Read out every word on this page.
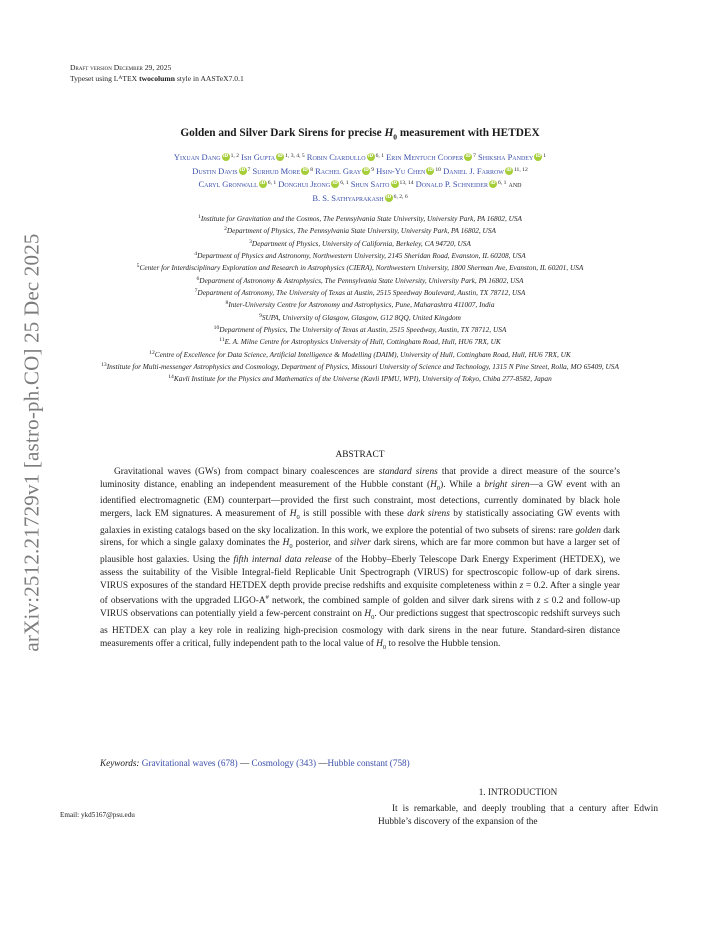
arXiv:2512.21729v1 [astro-ph.CO] 25 Dec 2025
Draft version December 29, 2025
Typeset using $L^ATEX$ twocolumn style in AASTeX7.0.1
Golden and Silver Dark Sirens for precise $H_0$ measurement with HETDEX
Yixuan Dang iD $^{1, 2}$ Ish Gupta iD $^{1, 3, 4, 5}$ Robin Ciardullo iD $^{6, 1}$ Erin Mentuch Cooper iD $^7$ Shiksha Pandey iD $^1$
Dustin Davis iD $^7$ Surhud More iD $^8$ Rachel Gray iD $^9$ Hsin-Yu Chen iD $^{10}$ Daniel J. Farrow iD $^{11, 12}$
Caryl Gronwall iD $^{6, 1}$ Donghui Jeong iD $^{6, 1}$ Shun Saito iD $^{13, 14}$ Donald P. Schneider iD $^{6, 1}$ and
B. S. Sathyaprakash iD $^{6, 2, 6}$
$^1$Institute for Gravitation and the Cosmos, The Pennsylvania State University, University Park, PA 16802, USA
$^2$Department of Physics, The Pennsylvania State University, University Park, PA 16802, USA
$^3$Department of Physics, University of California, Berkeley, CA 94720, USA
$^4$Department of Physics and Astronomy, Northwestern University, 2145 Sheridan Road, Evanston, IL 60208, USA
$^5$Center for Interdisciplinary Exploration and Research in Astrophysics (CIERA), Northwestern University, 1800 Sherman Ave, Evanston, IL 60201, USA
$^6$Department of Astronomy & Astrophysics, The Pennsylvania State University, University Park, PA 16802, USA
$^7$Department of Astronomy, The University of Texas at Austin, 2515 Speedway Boulevard, Austin, TX 78712, USA
$^8$Inter-University Centre for Astronomy and Astrophysics, Pune, Maharashtra 411007, India
$^9$SUPA, University of Glasgow, Glasgow, G12 8QQ, United Kingdom
$^{10}$Department of Physics, The University of Texas at Austin, 2515 Speedway, Austin, TX 78712, USA
$^{11}$E. A. Milne Centre for Astrophysics University of Hull, Cottingham Road, Hull, HU6 7RX, UK
$^{12}$Centre of Excellence for Data Science, Artificial Intelligence & Modelling (DAIM), University of Hull, Cottingham Road, Hull, HU6 7RX, UK
$^{13}$Institute for Multi-messenger Astrophysics and Cosmology, Department of Physics, Missouri University of Science and Technology, 1315 N Pine Street, Rolla, MO 65409, USA
$^{14}$Kavli Institute for the Physics and Mathematics of the Universe (Kavli IPMU, WPI), University of Tokyo, Chiba 277-8582, Japan
ABSTRACT
Gravitational waves (GWs) from compact binary coalescences are standard sirens that provide a direct measure of the source’s luminosity distance, enabling an independent measurement of the Hubble constant $(H_0)$. While a bright siren—a GW event with an identified electromagnetic (EM) counterpart—provided the first such constraint, most detections, currently dominated by black hole mergers, lack EM signatures. A measurement of $H_0$ is still possible with these dark sirens by statistically associating GW events with galaxies in existing catalogs based on the sky localization. In this work, we explore the potential of two subsets of sirens: rare golden dark sirens, for which a single galaxy dominates the $H_0$ posterior, and silver dark sirens, which are far more common but have a larger set of plausible host galaxies. Using the fifth internal data release of the Hobby–Eberly Telescope Dark Energy Experiment (HETDEX), we assess the suitability of the Visible Integral-field Replicable Unit Spectrograph (VIRUS) for spectroscopic follow-up of dark sirens. VIRUS exposures of the standard HETDEX depth provide precise redshifts and exquisite completeness within z = 0.2. After a single year of observations with the upgraded LIGO-A# network, the combined sample of golden and silver dark sirens with z ≤ 0.2 and follow-up VIRUS observations can potentially yield a few-percent constraint on $H_0$. Our predictions suggest that spectroscopic redshift surveys such as HETDEX can play a key role in realizing high-precision cosmology with dark sirens in the near future. Standard-siren distance measurements offer a critical, fully independent path to the local value of $H_0$ to resolve the Hubble tension.
Keywords: Gravitational waves (678) — Cosmology (343) —Hubble constant (758)
1. INTRODUCTION
It is remarkable, and deeply troubling that a century after Edwin Hubble’s discovery of the expansion of the
Email: ykd5167@psu.edu
